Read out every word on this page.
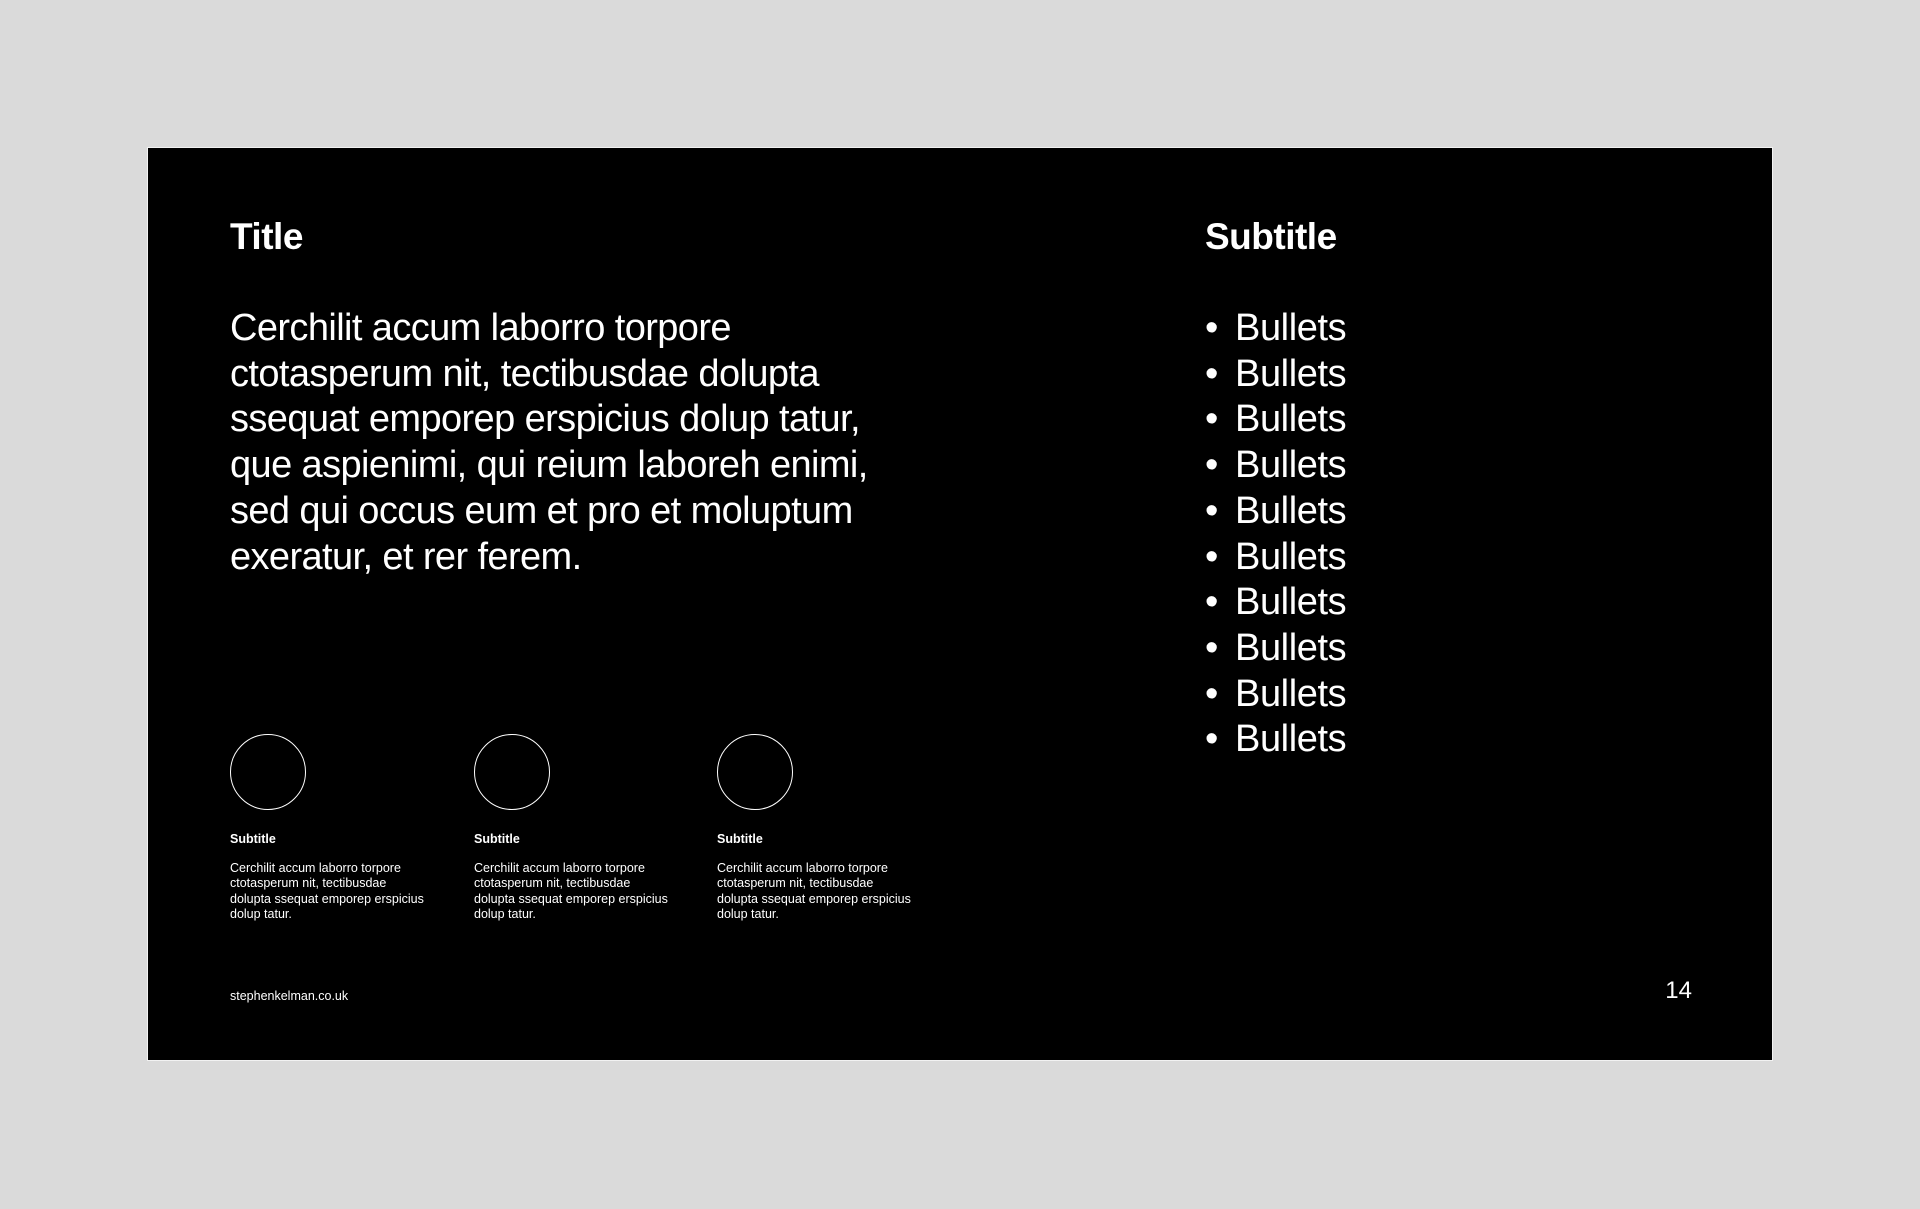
Title

Cerchilit accum laborro torpore ctotasperum nit, tectibusdae dolupta ssequat emporep erspicius dolup tatur, que aspienimi, qui reium laboreh enimi, sed qui occus eum et pro et moluptum exeratur, et rer ferem.

Subtitle
• Bullets
• Bullets
• Bullets
• Bullets
• Bullets
• Bullets
• Bullets
• Bullets
• Bullets
• Bullets
Subtitle
Cerchilit accum laborro torpore ctotasperum nit, tectibusdae dolupta ssequat emporep erspicius dolup tatur.
Subtitle
Cerchilit accum laborro torpore ctotasperum nit, tectibusdae dolupta ssequat emporep erspicius dolup tatur.
Subtitle
Cerchilit accum laborro torpore ctotasperum nit, tectibusdae dolupta ssequat emporep erspicius dolup tatur.
stephenkelman.co.uk	14
